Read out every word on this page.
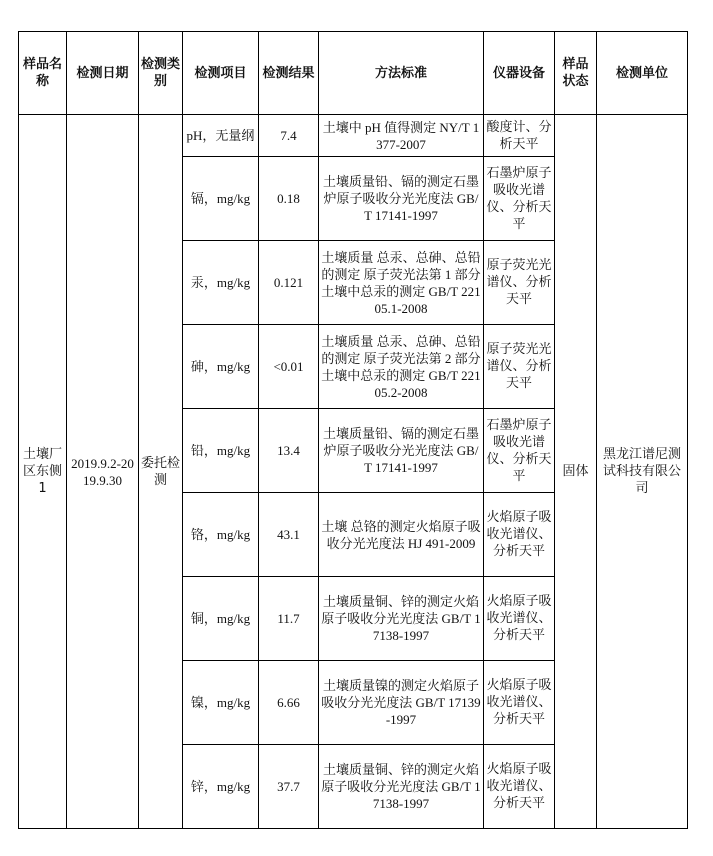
样品名称	检测日期	检测类别	检测项目	检测结果	方法标准	仪器设备	样品状态	检测单位
土壤厂区东侧1	2019.9.2-2019.9.30	委托检测	pH，无量纲	7.4	土壤中 pH 值得测定 NY/T 1377-2007	酸度计、分析天平	固体	黑龙江谱尼测试科技有限公司
			镉，mg/kg	0.18	土壤质量铅、镉的测定石墨炉原子吸收分光光度法 GB/T 17141-1997	石墨炉原子吸收光谱仪、分析天平		
			汞，mg/kg	0.121	土壤质量 总汞、总砷、总铅的测定 原子荧光法第 1 部分 土壤中总汞的测定 GB/T 22105.1-2008	原子荧光光谱仪、分析天平		
			砷，mg/kg	<0.01	土壤质量 总汞、总砷、总铅的测定 原子荧光法第 2 部分 土壤中总汞的测定 GB/T 22105.2-2008	原子荧光光谱仪、分析天平		
			铅，mg/kg	13.4	土壤质量铅、镉的测定石墨炉原子吸收分光光度法 GB/T 17141-1997	石墨炉原子吸收光谱仪、分析天平		
			铬，mg/kg	43.1	土壤 总铬的测定火焰原子吸收分光光度法 HJ 491-2009	火焰原子吸收光谱仪、分析天平		
			铜，mg/kg	11.7	土壤质量铜、锌的测定火焰原子吸收分光光度法 GB/T 17138-1997	火焰原子吸收光谱仪、分析天平		
			镍，mg/kg	6.66	土壤质量镍的测定火焰原子吸收分光光度法 GB/T 17139-1997	火焰原子吸收光谱仪、分析天平		
			锌，mg/kg	37.7	土壤质量铜、锌的测定火焰原子吸收分光光度法 GB/T 17138-1997	火焰原子吸收光谱仪、分析天平		
